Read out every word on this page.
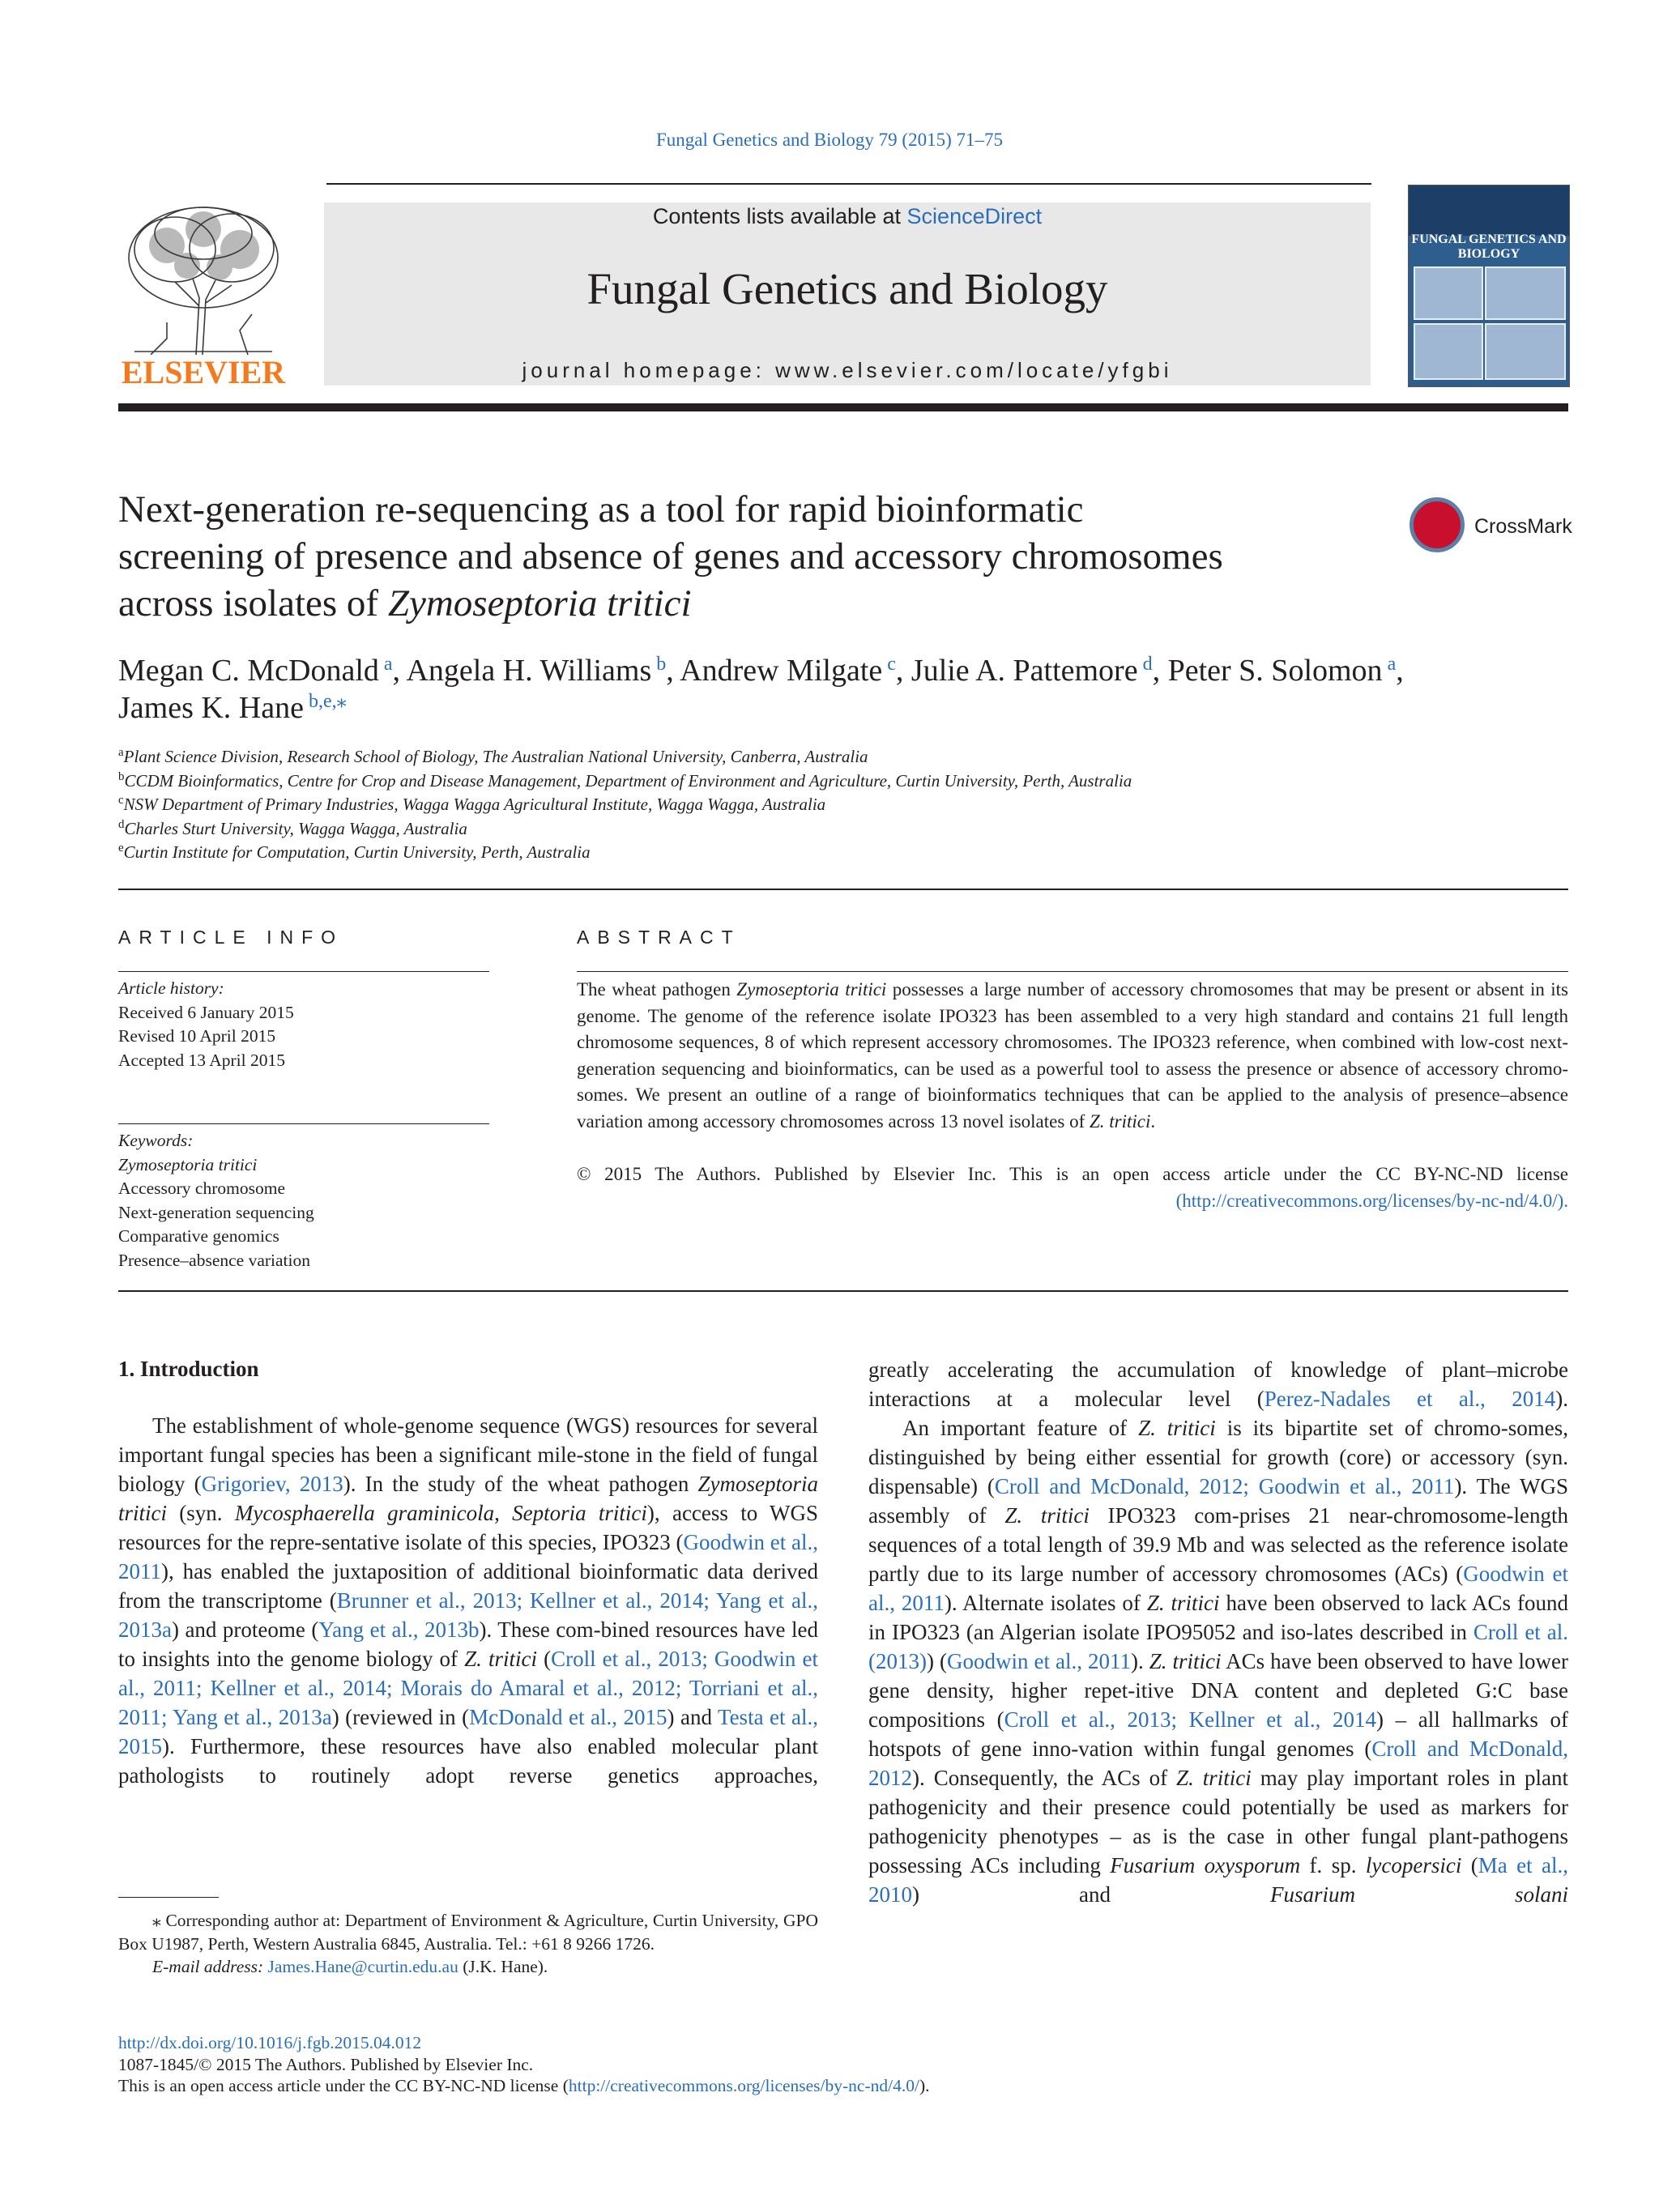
Fungal Genetics and Biology 79 (2015) 71–75
ELSEVIER
Contents lists available at ScienceDirect
Fungal Genetics and Biology
journal homepage: www.elsevier.com/locate/yfgbi
FUNGAL GENETICS AND BIOLOGY
Next-generation re-sequencing as a tool for rapid bioinformatic
screening of presence and absence of genes and accessory chromosomes
across isolates of Zymoseptoria tritici
CrossMark
Megan C. McDonald $^a$, Angela H. Williams $^b$, Andrew Milgate $^c$, Julie A. Pattemore $^d$, Peter S. Solomon $^a$,
James K. Hane $^{b,e,⁎}$
$^a$Plant Science Division, Research School of Biology, The Australian National University, Canberra, Australia
$^b$CCDM Bioinformatics, Centre for Crop and Disease Management, Department of Environment and Agriculture, Curtin University, Perth, Australia
$^c$NSW Department of Primary Industries, Wagga Wagga Agricultural Institute, Wagga Wagga, Australia
$^d$Charles Sturt University, Wagga Wagga, Australia
$^e$Curtin Institute for Computation, Curtin University, Perth, Australia
ARTICLE INFO	ABSTRACT
Article history:
Received 6 January 2015
Revised 10 April 2015
Accepted 13 April 2015
Keywords:
Zymoseptoria tritici
Accessory chromosome
Next-generation sequencing
Comparative genomics
Presence–absence variation
The wheat pathogen Zymoseptoria tritici possesses a large number of accessory chromosomes that may be present or absent in its genome. The genome of the reference isolate IPO323 has been assembled to a very high standard and contains 21 full length chromosome sequences, 8 of which represent accessory chromosomes. The IPO323 reference, when combined with low-cost next-generation sequencing and bioinformatics, can be used as a powerful tool to assess the presence or absence of accessory chromo-somes. We present an outline of a range of bioinformatics techniques that can be applied to the analysis of presence–absence variation among accessory chromosomes across 13 novel isolates of Z. tritici.
© 2015 The Authors. Published by Elsevier Inc. This is an open access article under the CC BY-NC-ND license
(http://creativecommons.org/licenses/by-nc-nd/4.0/).
1. Introduction

The establishment of whole-genome sequence (WGS) resources for several important fungal species has been a significant mile-stone in the field of fungal biology (Grigoriev, 2013). In the study of the wheat pathogen Zymoseptoria tritici (syn. Mycosphaerella graminicola, Septoria tritici), access to WGS resources for the repre-sentative isolate of this species, IPO323 (Goodwin et al., 2011), has enabled the juxtaposition of additional bioinformatic data derived from the transcriptome (Brunner et al., 2013; Kellner et al., 2014; Yang et al., 2013a) and proteome (Yang et al., 2013b). These com-bined resources have led to insights into the genome biology of Z. tritici (Croll et al., 2013; Goodwin et al., 2011; Kellner et al., 2014; Morais do Amaral et al., 2012; Torriani et al., 2011; Yang et al., 2013a) (reviewed in (McDonald et al., 2015) and Testa et al., 2015). Furthermore, these resources have also enabled molecular plant pathologists to routinely adopt reverse genetics approaches,

greatly accelerating the accumulation of knowledge of plant–microbe interactions at a molecular level (Perez-Nadales et al., 2014).

An important feature of Z. tritici is its bipartite set of chromo-somes, distinguished by being either essential for growth (core) or accessory (syn. dispensable) (Croll and McDonald, 2012; Goodwin et al., 2011). The WGS assembly of Z. tritici IPO323 com-prises 21 near-chromosome-length sequences of a total length of 39.9 Mb and was selected as the reference isolate partly due to its large number of accessory chromosomes (ACs) (Goodwin et al., 2011). Alternate isolates of Z. tritici have been observed to lack ACs found in IPO323 (an Algerian isolate IPO95052 and iso-lates described in Croll et al. (2013)) (Goodwin et al., 2011). Z. tritici ACs have been observed to have lower gene density, higher repet-itive DNA content and depleted G:C base compositions (Croll et al., 2013; Kellner et al., 2014) – all hallmarks of hotspots of gene inno-vation within fungal genomes (Croll and McDonald, 2012). Consequently, the ACs of Z. tritici may play important roles in plant pathogenicity and their presence could potentially be used as markers for pathogenicity phenotypes – as is the case in other fungal plant-pathogens possessing ACs including Fusarium oxysporum f. sp. lycopersici (Ma et al., 2010) and Fusarium solani

⁎ Corresponding author at: Department of Environment & Agriculture, Curtin University, GPO Box U1987, Perth, Western Australia 6845, Australia. Tel.: +61 8 9266 1726.
E-mail address: James.Hane@curtin.edu.au (J.K. Hane).
http://dx.doi.org/10.1016/j.fgb.2015.04.012
1087-1845/© 2015 The Authors. Published by Elsevier Inc.
This is an open access article under the CC BY-NC-ND license (http://creativecommons.org/licenses/by-nc-nd/4.0/).
